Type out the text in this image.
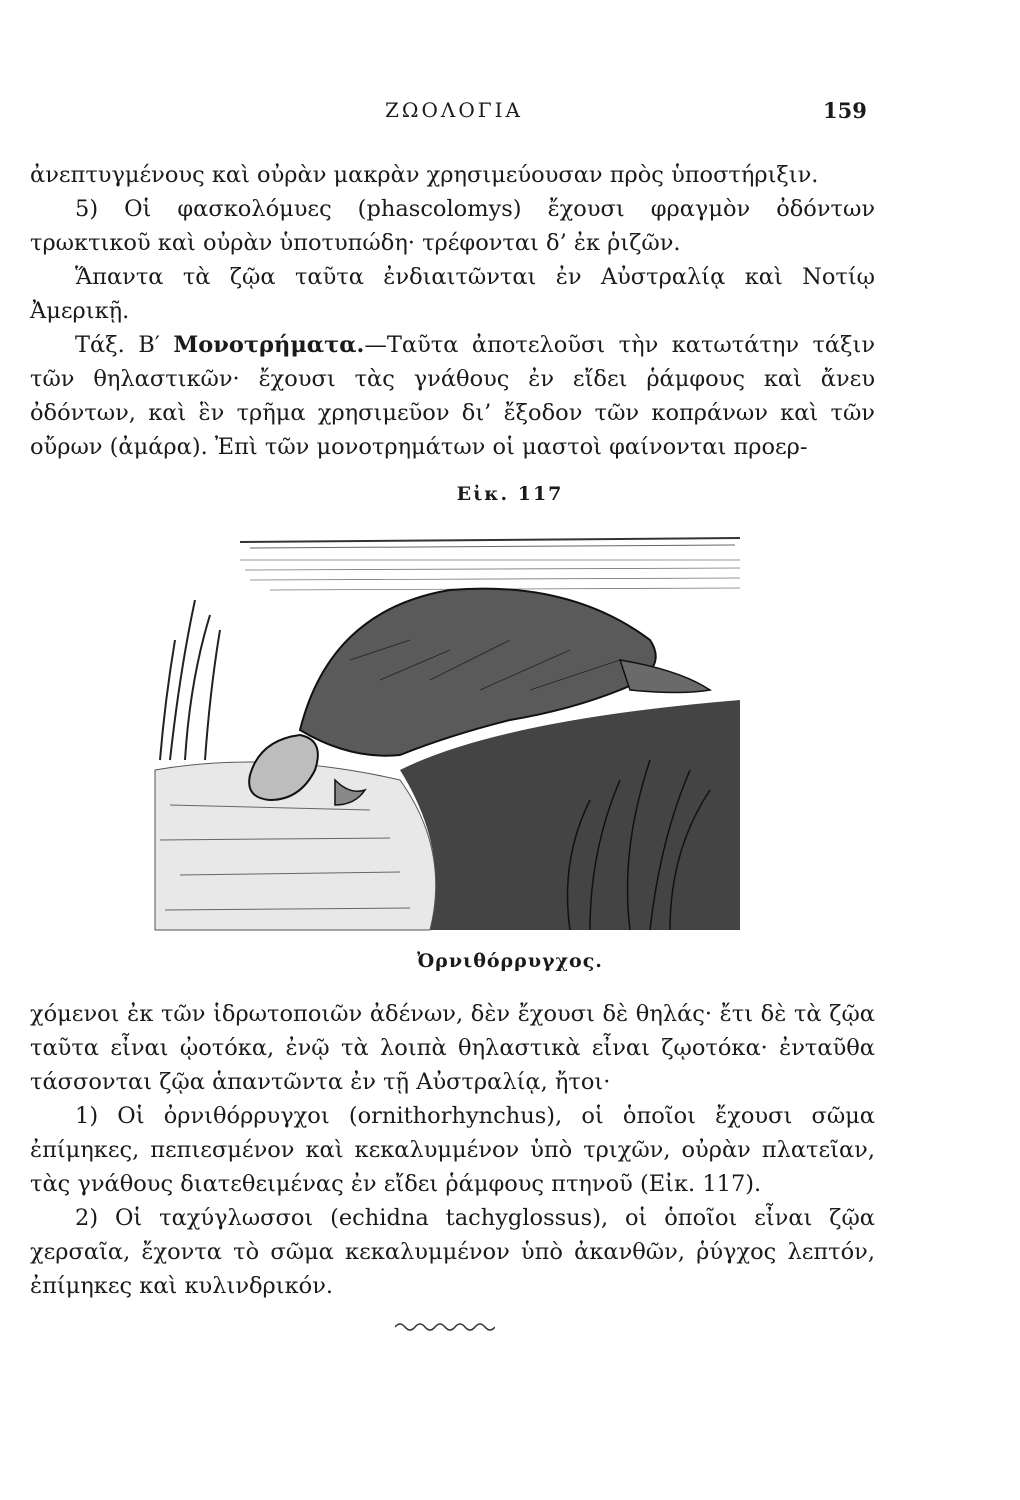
ΖΩΟΛΟΓΙΑ	159

ἀνεπτυγμένους καὶ οὐρὰν μακρὰν χρησιμεύουσαν πρὸς ὑποστήριξιν.

5) Οἱ φασκολόμυες (phascolomys) ἔχουσι φραγμὸν ὀδόντων τρωκτικοῦ καὶ οὐρὰν ὑποτυπώδη· τρέφονται δ’ ἐκ ῥιζῶν.

Ἅπαντα τὰ ζῷα ταῦτα ἐνδιαιτῶνται ἐν Αὐστραλίᾳ καὶ Νοτίῳ Ἀμερικῇ.

Τάξ. Β′ Μονοτρήματα.—Ταῦτα ἀποτελοῦσι τὴν κατωτάτην τάξιν τῶν θηλαστικῶν· ἔχουσι τὰς γνάθους ἐν εἴδει ῥάμφους καὶ ἄνευ ὀδόντων, καὶ ἓν τρῆμα χρησιμεῦον δι’ ἔξοδον τῶν κοπράνων καὶ τῶν οὔρων (ἀμάρα). Ἐπὶ τῶν μονοτρημάτων οἱ μαστοὶ φαίνονται προερ-

Εἰκ. 117
Ὀρνιθόρρυγχος.

χόμενοι ἐκ τῶν ἱδρωτοποιῶν ἀδένων, δὲν ἔχουσι δὲ θηλάς· ἔτι δὲ τὰ ζῷα ταῦτα εἶναι ᾠοτόκα, ἐνῷ τὰ λοιπὰ θηλαστικὰ εἶναι ζῳοτόκα· ἐνταῦθα τάσσονται ζῷα ἁπαντῶντα ἐν τῇ Αὐστραλίᾳ, ἤτοι·

1) Οἱ ὀρνιθόρρυγχοι (ornithorhynchus), οἱ ὁποῖοι ἔχουσι σῶμα ἐπίμηκες, πεπιεσμένον καὶ κεκαλυμμένον ὑπὸ τριχῶν, οὐρὰν πλατεῖαν, τὰς γνάθους διατεθειμένας ἐν εἴδει ῥάμφους πτηνοῦ (Εἰκ. 117).

2) Οἱ ταχύγλωσσοι (echidna tachyglossus), οἱ ὁποῖοι εἶναι ζῷα χερσαῖα, ἔχοντα τὸ σῶμα κεκαλυμμένον ὑπὸ ἀκανθῶν, ῥύγχος λεπτόν, ἐπίμηκες καὶ κυλινδρικόν.
